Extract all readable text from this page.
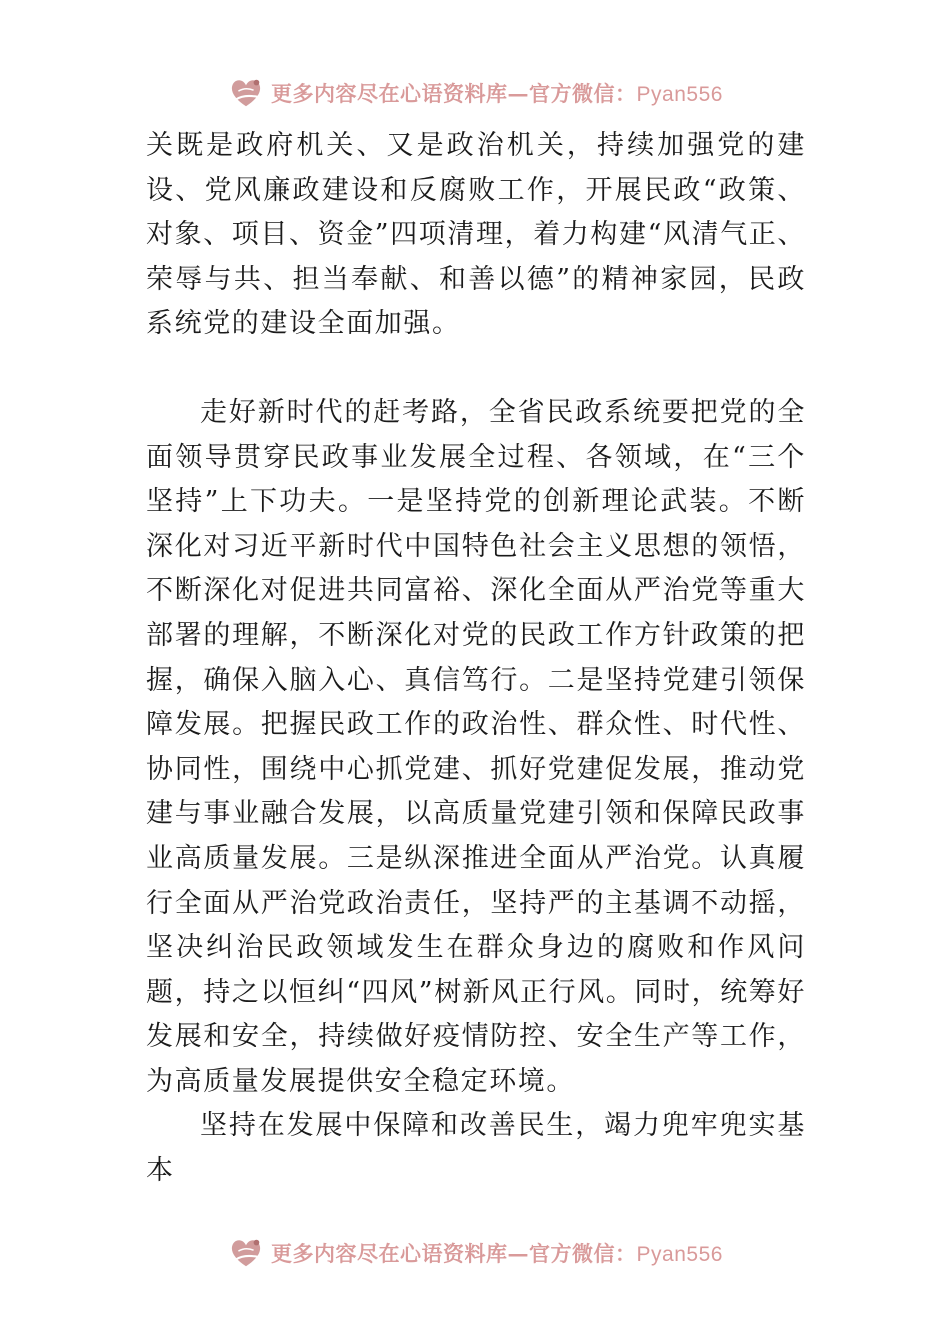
更多内容尽在心语资料库—官方微信：Pyan556

关既是政府机关、又是政治机关，持续加强党的建设、党风廉政建设和反腐败工作，开展民政“政策、对象、项目、资金”四项清理，着力构建“风清气正、荣辱与共、担当奉献、和善以德”的精神家园，民政系统党的建设全面加强。

走好新时代的赶考路，全省民政系统要把党的全面领导贯穿民政事业发展全过程、各领域，在“三个坚持”上下功夫。一是坚持党的创新理论武装。不断深化对习近平新时代中国特色社会主义思想的领悟，不断深化对促进共同富裕、深化全面从严治党等重大部署的理解，不断深化对党的民政工作方针政策的把握，确保入脑入心、真信笃行。二是坚持党建引领保障发展。把握民政工作的政治性、群众性、时代性、协同性，围绕中心抓党建、抓好党建促发展，推动党建与事业融合发展，以高质量党建引领和保障民政事业高质量发展。三是纵深推进全面从严治党。认真履行全面从严治党政治责任，坚持严的主基调不动摇，坚决纠治民政领域发生在群众身边的腐败和作风问题，持之以恒纠“四风”树新风正行风。同时，统筹好发展和安全，持续做好疫情防控、安全生产等工作，为高质量发展提供安全稳定环境。

坚持在发展中保障和改善民生，竭力兜牢兜实基本

更多内容尽在心语资料库—官方微信：Pyan556
